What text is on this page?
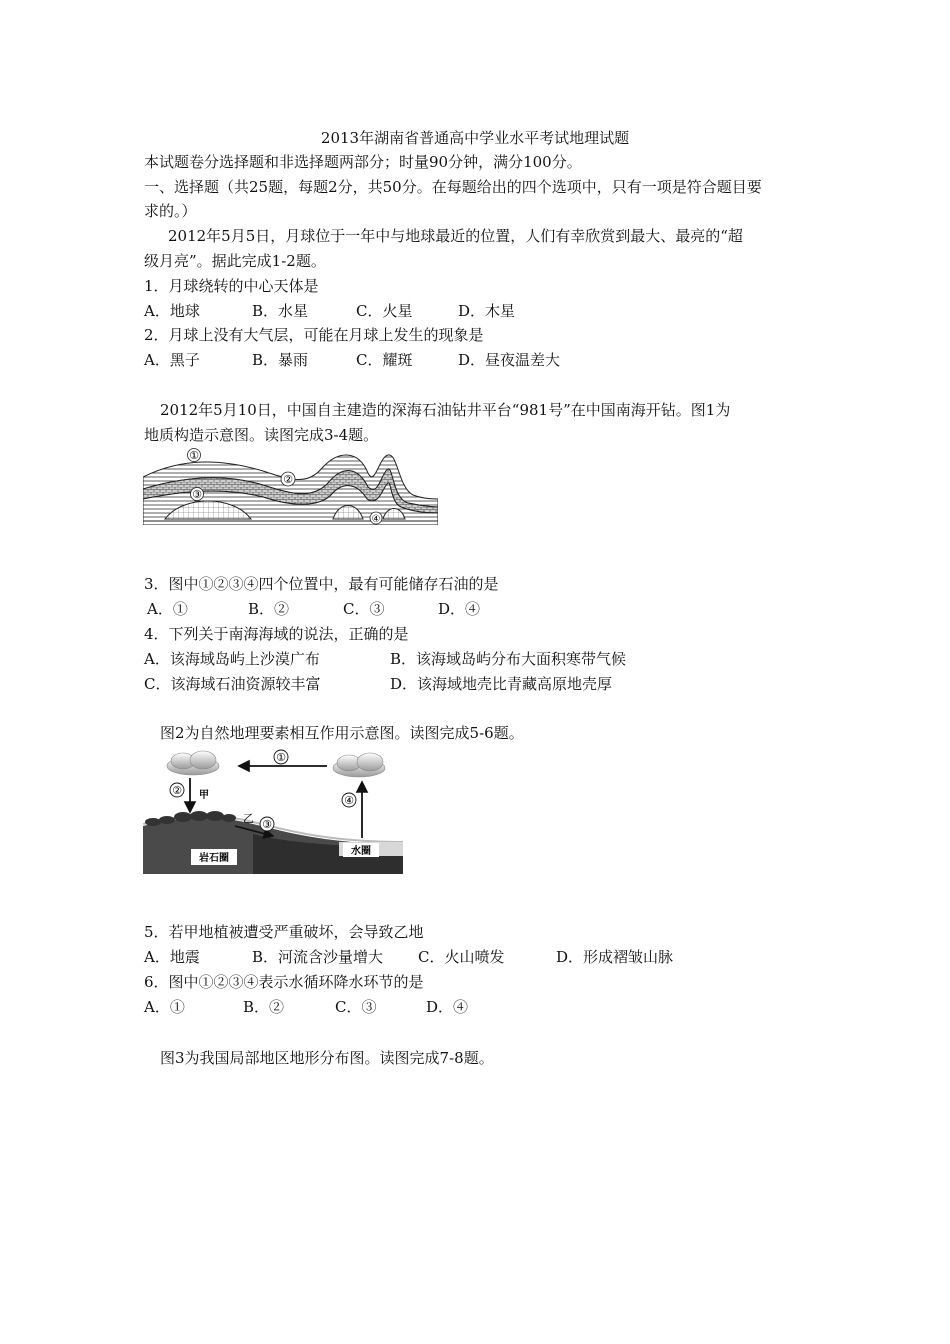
2013年湖南省普通高中学业水平考试地理试题
本试题卷分选择题和非选择题两部分；时量90分钟，满分100分。
一、选择题（共25题，每题2分，共50分。在每题给出的四个选项中，只有一项是符合题目要
求的。）
2012年5月5日，月球位于一年中与地球最近的位置，人们有幸欣赏到最大、最亮的“超
级月亮”。据此完成1-2题。
1．月球绕转的中心天体是
A．地球	B．水星	C．火星	D．木星
2．月球上没有大气层，可能在月球上发生的现象是
A．黑子	B．暴雨	C．耀斑	D．昼夜温差大
2012年5月10日，中国自主建造的深海石油钻井平台“981号”在中国南海开钻。图1为
地质构造示意图。读图完成3-4题。
①
②
③
④
3．图中①②③④四个位置中，最有可能储存石油的是
A．①	B．②	C．③	D．④
4．下列关于南海海域的说法，正确的是
A．该海域岛屿上沙漠广布	B．该海域岛屿分布大面积寒带气候
C．该海域石油资源较丰富	D．该海域地壳比青藏高原地壳厚
图2为自然地理要素相互作用示意图。读图完成5-6题。
①
② 甲	④
乙 ③
岩石圈
水圈
5．若甲地植被遭受严重破坏，会导致乙地
A．地震	B．河流含沙量增大 C．火山喷发	D．形成褶皱山脉
6．图中①②③④表示水循环降水环节的是
A．①	B．②	C．③	D．④
图3为我国局部地区地形分布图。读图完成7-8题。
